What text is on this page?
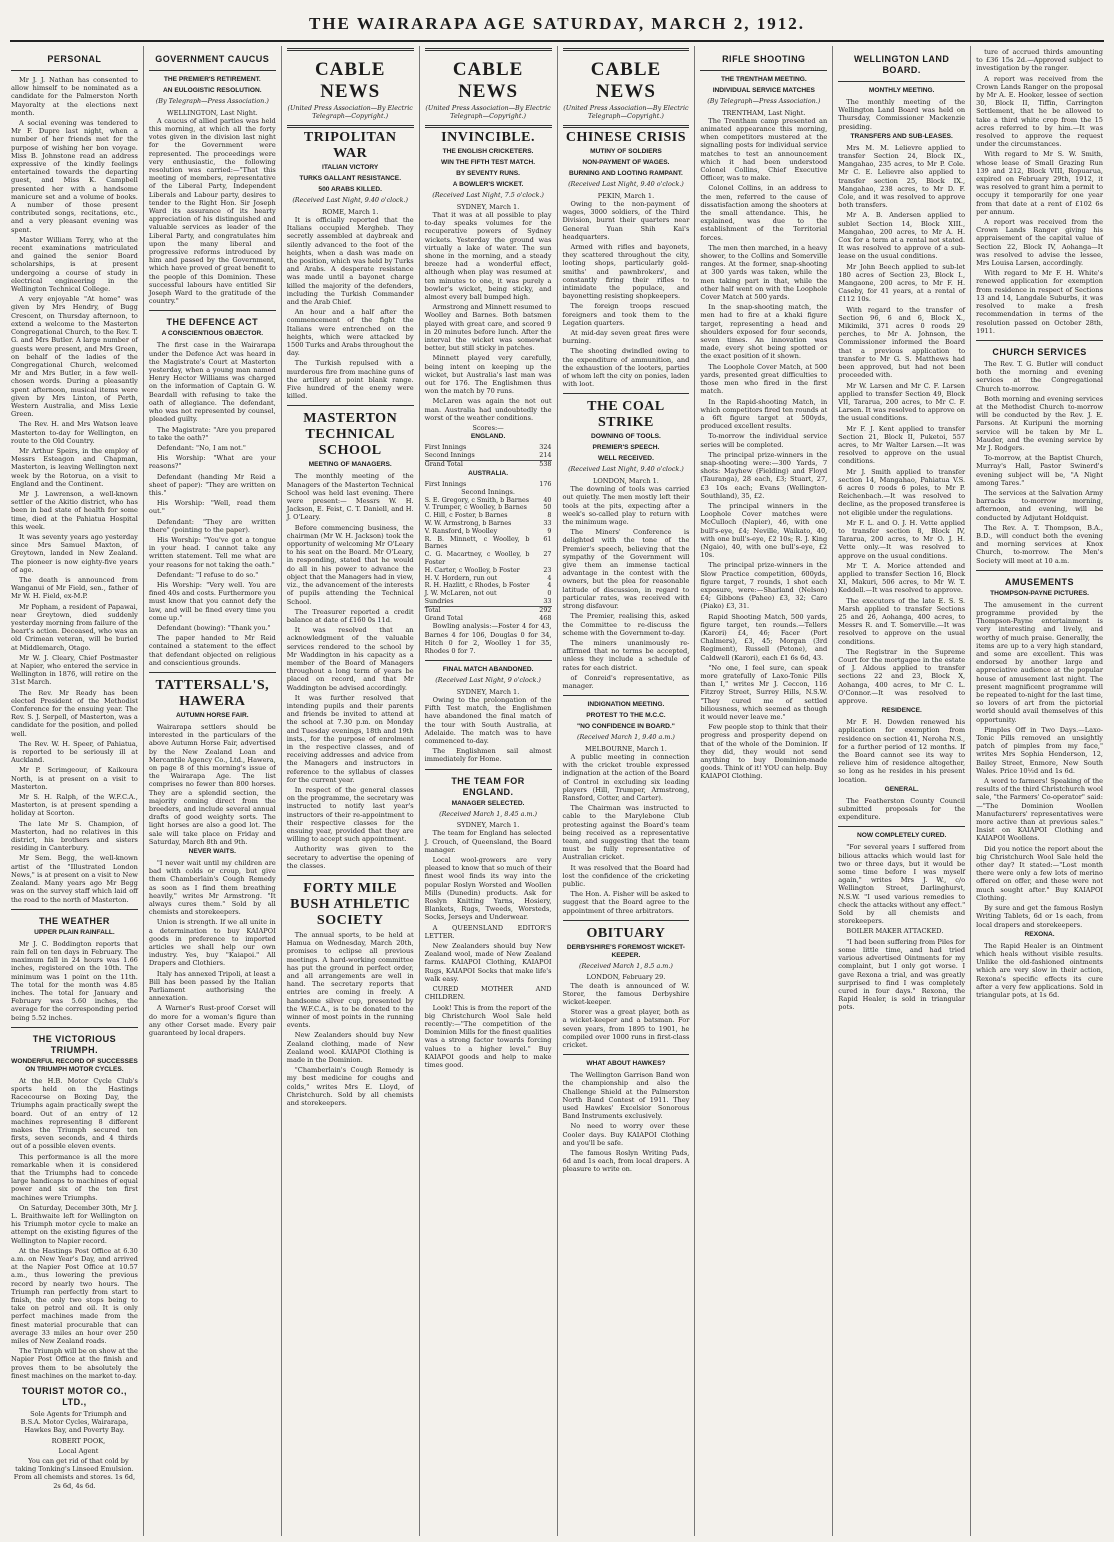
THE WAIRARAPA AGE SATURDAY, MARCH 2, 1912.
PERSONAL

Mr J. J. Nathan has consented to allow himself to be nominated as a candidate for the Palmerston North Mayoralty at the elections next month.

A social evening was tendered to Mr F. Dupre last night, when a number of her friends met for the purpose of wishing her bon voyage. Miss B. Johnstone read an address expressive of the kindly feelings entertained towards the departing guest, and Miss K. Campbell presented her with a handsome manicure set and a volume of books. A number of those present contributed songs, recitations, etc., and a very pleasant evening was spent.

Master William Terry, who at the recent examinations matriculated and gained the senior Board scholarships, is at present undergoing a course of study in electrical engineering in the Wellington Technical College.

A very enjoyable "At home" was given by Mrs Hendry, of Bugg Crescent, on Thursday afternoon, to extend a welcome to the Masterton Congregational Church, to the Rev. T. G. and Mrs Butler. A large number of guests were present, and Mrs Green, on behalf of the ladies of the Congregational Church, welcomed Mr and Mrs Butler, in a few well-chosen words. During a pleasantly spent afternoon, musical items were given by Mrs Linton, of Perth, Western Australia, and Miss Lexie Green.

The Rev. H. and Mrs Watson leave Masterton to-day for Wellington, en route to the Old Country.

Mr Arthur Speirs, in the employ of Messrs Esteagon and Chapman, Masterton, is leaving Wellington next week by the Rotorua, on a visit to England and the Continent.

Mr J. Lawrenson, a well-known settler of the Akitio district, who has been in bad state of health for some time, died at the Pahiatua Hospital this week.

It was seventy years ago yesterday since Mrs Samuel Maxton, of Greytown, landed in New Zealand. The pioneer is now eighty-five years of age.

The death is announced from Wanganui of Mr Field, sen., father of Mr W. H. Field, ex-M.P.

Mr Popham, a resident of Papawai, near Greytown, died suddenly yesterday morning from failure of the heart's action. Deceased, who was an old Crimean veteran, will be buried at Middlemarch, Otago.

Mr W. J. Cleary, Chief Postmaster at Napier, who entered the service in Wellington in 1876, will retire on the 31st March.

The Rev. Mr Ready has been elected President of the Methodist Conference for the ensuing year. The Rev. S. J. Serpell, of Masterton, was a candidate for the position, and polled well.

The Rev. W. H. Speer, of Pahiatua, is reported to be seriously ill at Auckland.

Mr P. Scrimgeour, of Kaikoura North, is at present on a visit to Masterton.

Mr S. H. Ralph, of the W.F.C.A., Masterton, is at present spending a holiday at Scorton.

The late Mr S. Champion, of Masterton, had no relatives in this district, his brothers and sisters residing in Canterbury.

Mr Sem. Begg, the well-known artist of the "Illustrated London News," is at present on a visit to New Zealand. Many years ago Mr Begg was on the survey staff which laid off the road to the north of Masterton.

THE WEATHER
UPPER PLAIN RAINFALL.

Mr J. C. Boddington reports that rain fell on ten days in February. The maximum fall in 24 hours was 1.66 inches, registered on the 10th. The minimum was 1 point on the 11th. The total for the month was 4.85 inches. The total for January and February was 5.60 inches, the average for the corresponding period being 5.52 inches.

THE VICTORIOUS TRIUMPH.
WONDERFUL RECORD OF SUCCESSES ON TRIUMPH MOTOR CYCLES.

At the H.B. Motor Cycle Club's sports held on the Hastings Racecourse on Boxing Day, the Triumphs again practically swept the board. Out of an entry of 12 machines representing 8 different makes the Triumph secured ten firsts, seven seconds, and 4 thirds out of a possible eleven events.

This performance is all the more remarkable when it is considered that the Triumphs had to concede large handicaps to machines of equal power and six of the ten first machines were Triumphs.

On Saturday, December 30th, Mr J. L. Braithwaite left for Wellington on his Triumph motor cycle to make an attempt on the existing figures of the Wellington to Napier record.

At the Hastings Post Office at 6.30 a.m. on New Year's Day, and arrived at the Napier Post Office at 10.57 a.m., thus lowering the previous record by nearly two hours. The Triumph ran perfectly from start to finish, the only two stops being to take on petrol and oil. It is only perfect machines made from the finest material procurable that can average 33 miles an hour over 250 miles of New Zealand roads.

The Triumph will be on show at the Napier Post Office at the finish and proves them to be absolutely the finest machines on the market to-day.

TOURIST MOTOR CO., LTD.,

Sole Agents for Triumph and B.S.A. Motor Cycles, Wairarapa, Hawkes Bay, and Poverty Bay.

ROBERT POOK,

Local Agent

You can get rid of that cold by taking Tonking's Linseed Emulsion. From all chemists and stores. 1s 6d, 2s 6d, 4s 6d.

GOVERNMENT CAUCUS
THE PREMIER'S RETIREMENT.
AN EULOGISTIC RESOLUTION.
(By Telegraph—Press Association.)
WELLINGTON, Last Night.

A caucus of allied parties was held this morning, at which all the forty votes given in the division last night for the Government were represented. The proceedings were very enthusiastic, the following resolution was carried:—"That this meeting of members, representative of the Liberal Party, Independent Liberals and Labour party, desires to tender to the Right Hon. Sir Joseph Ward its assurance of its hearty appreciation of his distinguished and valuable services as leader of the Liberal Party, and congratulates him upon the many liberal and progressive reforms introduced by him and passed by the Government, which have proved of great benefit to the people of this Dominion. These successful labours have entitled Sir Joseph Ward to the gratitude of the country."

THE DEFENCE ACT
A CONSCIENTIOUS OBJECTOR.

The first case in the Wairarapa under the Defence Act was heard in the Magistrate's Court at Masterton yesterday, when a young man named Henry Hector Williams was charged on the information of Captain G. W. Beardall with refusing to take the oath of allegiance. The defendant, who was not represented by counsel, pleaded guilty.

The Magistrate: "Are you prepared to take the oath?"

Defendant: "No, I am not."

His Worship: "What are your reasons?"

Defendant (handing Mr Reid a sheet of paper): "They are written on this."

His Worship: "Well, read them out."

Defendant: "They are written there" (pointing to the paper).

His Worship: "You've got a tongue in your head. I cannot take any written statement. Tell me what are your reasons for not taking the oath."

Defendant: "I refuse to do so."

His Worship: "Very well. You are fined 40s and costs. Furthermore you must know that you cannot defy the law, and will be fined every time you come up."

Defendant (bowing): "Thank you."

The paper handed to Mr Reid contained a statement to the effect that defendant objected on religious and conscientious grounds.

TATTERSALL'S, HAWERA
AUTUMN HORSE FAIR.

Wairarapa settlers should be interested in the particulars of the above Autumn Horse Fair, advertised by the New Zealand Loan and Mercantile Agency Co., Ltd., Hawera, on page 8 of this morning's issue of the Wairarapa Age. The list comprises no fewer than 800 horses. They are a splendid section, the majority coming direct from the breeders, and include several annual drafts of good weighty sorts. The light horses are also a good lot. The sale will take place on Friday and Saturday, March 8th and 9th.

NEVER WAITS.

"I never wait until my children are bad with colds or croup, but give them Chamberlain's Cough Remedy as soon as I find them breathing heavily," writes Mr Armstrong. "It always cures them." Sold by all chemists and storekeepers.

Union is strength. If we all unite in a determination to buy KAIAPOI goods in preference to imported articles we shall help our own industry. Yes, buy "Kaiapoi." All Drapers and Clothiers.

Italy has annexed Tripoli, at least a Bill has been passed by the Italian Parliament authorising the annexation.

A Warner's Rust-proof Corset will do more for a woman's figure than any other Corset made. Every pair guaranteed by local drapers.

CABLE NEWS
(United Press Association—By Electric Telegraph—Copyright.)
TRIPOLITAN WAR
ITALIAN VICTORY
TURKS GALLANT RESISTANCE.
500 ARABS KILLED.
(Received Last Night, 9.40 o'clock.)
ROME, March 1.

It is officially reported that the Italians occupied Mergheb. They secretly assembled at daybreak and silently advanced to the foot of the heights, when a dash was made on the position, which was held by Turks and Arabs. A desperate resistance was made until a bayonet charge killed the majority of the defenders, including the Turkish Commander and the Arab Chief.

An hour and a half after the commencement of the fight the Italians were entrenched on the heights, which were attacked by 1500 Turks and Arabs throughout the day.

The Turkish repulsed with a murderous fire from machine guns of the artillery at point blank range. Five hundred of the enemy were killed.

MASTERTON TECHNICAL SCHOOL
MEETING OF MANAGERS.

The monthly meeting of the Managers of the Masterton Technical School was held last evening. There were present:— Messrs W. H. Jackson, E. Feist, C. T. Daniell, and H. J. O'Leary.

Before commencing business, the chairman (Mr W. H. Jackson) took the opportunity of welcoming Mr O'Leary to his seat on the Board. Mr O'Leary, in responding, stated that he would do all in his power to advance the object that the Managers had in view, viz., the advancement of the interests of pupils attending the Technical School.

The Treasurer reported a credit balance at date of £160 0s 11d.

It was resolved that an acknowledgment of the valuable services rendered to the school by Mr Waddington in his capacity as a member of the Board of Managers throughout a long term of years be placed on record, and that Mr Waddington be advised accordingly.

It was further resolved that intending pupils and their parents and friends be invited to attend at the school at 7.30 p.m. on Monday and Tuesday evenings, 18th and 19th insts., for the purpose of enrolment in the respective classes, and of receiving addresses and advice from the Managers and instructors in reference to the syllabus of classes for the current year.

In respect of the general classes on the programme, the secretary was instructed to notify last year's instructors of their re-appointment to their respective classes for the ensuing year, provided that they are willing to accept such appointment.

Authority was given to the secretary to advertise the opening of the classes.

FORTY MILE BUSH ATHLETIC SOCIETY

The annual sports, to be held at Hamua on Wednesday, March 20th, promises to eclipse all previous meetings. A hard-working committee has put the ground in perfect order, and all arrangements are well in hand. The secretary reports that entries are coming in freely. A handsome silver cup, presented by the W.F.C.A., is to be donated to the winner of most points in the running events.

New Zealanders should buy New Zealand clothing, made of New Zealand wool. KAIAPOI Clothing is made in the Dominion.

"Chamberlain's Cough Remedy is my best medicine for coughs and colds," writes Mrs E. Lloyd, of Christchurch. Sold by all chemists and storekeepers.

CABLE NEWS
(United Press Association—By Electric Telegraph—Copyright.)
INVINCIBLE.
THE ENGLISH CRICKETERS.
WIN THE FIFTH TEST MATCH.
BY SEVENTY RUNS.
A BOWLER'S WICKET.
(Received Last Night, 7.5 o'clock.)
SYDNEY, March 1.

That it was at all possible to play to-day speaks volumes for the recuperative powers of Sydney wickets. Yesterday the ground was virtually a lake of water. The sun shone in the morning, and a steady breeze had a wonderful effect, although when play was resumed at ten minutes to one, it was purely a bowler's wicket, being sticky, and almost every ball bumped high.

Armstrong and Minnett resumed to Woolley and Barnes. Both batsmen played with great care, and scored 9 in 20 minutes before lunch. After the interval the wicket was somewhat better, but still sticky in patches.

Minnett played very carefully, being intent on keeping up the wicket, but Australia's last man was out for 176. The Englishmen thus won the match by 70 runs.

McLaren was again the not out man. Australia had undoubtedly the worst of the weather conditions.

Scores:—
ENGLAND.
First Innings	324
Second Innings	214
Grand Total	538
AUSTRALIA.
First Innings	176
Second Innings.
S. E. Gregory, c Smith, b Barnes	40
V. Trumper, c Woolley, b Barnes	50
C. Hill, c Foster, b Barnes	8
W. W. Armstrong, b Barnes	33
V. Ransford, b Woolley	9
R. B. Minnett, c Woolley, b Barnes	61
C. G. Macartney, c Woolley, b Foster	27
H. Carter, c Woolley, b Foster	23
H. V. Hordern, run out	4
R. H. Hazlitt, c Rhodes, b Foster	4
J. W. McLaren, not out	0
Sundries	33
Total	292
Grand Total	468

Bowling analysis:—Foster 4 for 43, Barnes 4 for 106, Douglas 0 for 34, Hitch 0 for 2, Woolley 1 for 35, Rhodes 0 for 7.

FINAL MATCH ABANDONED.
(Received Last Night, 9 o'clock.)
SYDNEY, March 1.

Owing to the prolongation of the Fifth Test match, the Englishmen have abandoned the final match of the tour with South Australia, at Adelaide. The match was to have commenced to-day.

The Englishmen sail almost immediately for Home.

THE TEAM FOR ENGLAND.
MANAGER SELECTED.
(Received March 1, 8.45 a.m.)
SYDNEY, March 1.

The team for England has selected J. Crouch, of Queensland, the Board manager.

Local wool-growers are very pleased to know that so much of their finest wool finds its way into the popular Roslyn Worsted and Woollen Mills (Dunedin) products. Ask for Roslyn Knitting Yarns, Hosiery, Blankets, Rugs, Tweeds, Worsteds, Socks, Jerseys and Underwear.

A QUEENSLAND EDITOR'S LETTER.

New Zealanders should buy New Zealand wool, made of New Zealand farms. KAIAPOI Clothing, KAIAPOI Rugs, KAIAPOI Socks that make life's walk easy.

CURED MOTHER AND CHILDREN.

Look! This is from the report of the big Christchurch Wool Sale held recently:—"The competition of the Dominion Mills for the finest qualities was a strong factor towards forcing values to a higher level." Buy KAIAPOI goods and help to make times good.

CABLE NEWS
(United Press Association—By Electric Telegraph—Copyright.)
CHINESE CRISIS
MUTINY OF SOLDIERS
NON-PAYMENT OF WAGES.
BURNING AND LOOTING RAMPANT.
(Received Last Night, 9.40 o'clock.)
PEKIN, March 1.

Owing to the non-payment of wages, 3000 soldiers, of the Third Division, burnt their quarters near General Yuan Shih Kai's headquarters.

Armed with rifles and bayonets, they scattered throughout the city, looting shops, particularly gold-smiths' and pawnbrokers', and constantly firing their rifles to intimidate the populace, and bayonetting resisting shopkeepers.

The foreign troops rescued foreigners and took them to the Legation quarters.

At mid-day seven great fires were burning.

The shooting dwindled owing to the expenditure of ammunition, and the exhaustion of the looters, parties of whom left the city on ponies, laden with loot.

THE COAL STRIKE
DOWNING OF TOOLS.
PREMIER'S SPEECH.
WELL RECEIVED.
(Received Last Night, 9.40 o'clock.)
LONDON, March 1.

The downing of tools was carried out quietly. The men mostly left their tools at the pits, expecting after a week's so-called play to return with the minimum wage.

The Miners' Conference is delighted with the tone of the Premier's speech, believing that the sympathy of the Government will give them an immense tactical advantage in the contest with the owners, but the plea for reasonable latitude of discussion, in regard to particular rates, was received with strong disfavour.

The Premier, realising this, asked the Committee to re-discuss the scheme with the Government to-day.

The miners unanimously re-affirmed that no terms be accepted, unless they include a schedule of rates for each district.

of Conreid's representative, as manager.

INDIGNATION MEETING.
PROTEST TO THE M.C.C.
"NO CONFIDENCE IN BOARD."
(Received March 1, 9.40 a.m.)
MELBOURNE, March 1.

A public meeting in connection with the cricket trouble expressed indignation at the action of the Board of Control in excluding six leading players (Hill, Trumper, Armstrong, Ransford, Cotter, and Carter).

The Chairman was instructed to cable to the Marylebone Club protesting against the Board's team being received as a representative team, and suggesting that the team must be fully representative of Australian cricket.

It was resolved that the Board had lost the confidence of the cricketing public.

The Hon. A. Fisher will be asked to suggest that the Board agree to the appointment of three arbitrators.

OBITUARY
DERBYSHIRE'S FOREMOST WICKET-KEEPER.
(Received March 1, 8.5 a.m.)
LONDON, February 29.

The death is announced of W. Storer, the famous Derbyshire wicket-keeper.

Storer was a great player, both as a wicket-keeper and a batsman. For seven years, from 1895 to 1901, he compiled over 1000 runs in first-class cricket.

WHAT ABOUT HAWKES?

The Wellington Garrison Band won the championship and also the Challenge Shield at the Palmerston North Band Contest of 1911. They used Hawkes' Excelsior Sonorous Band Instruments exclusively.

No need to worry over these Cooler days. Buy KAIAPOI Clothing and you'll be safe.

The famous Roslyn Writing Pads, 6d and 1s each, from local drapers. A pleasure to write on.

RIFLE SHOOTING
THE TRENTHAM MEETING.
INDIVIDUAL SERVICE MATCHES
(By Telegraph—Press Association.)
TRENTHAM, Last Night.

The Trentham camp presented an animated appearance this morning, when competitors mustered at the signalling posts for individual service matches to test an announcement which it had been understood Colonel Collins, Chief Executive Officer, was to make.

Colonel Collins, in an address to the men, referred to the cause of dissatisfaction among the shooters at the small attendance. This, he explained, was due to the establishment of the Territorial forces.

The men then marched, in a heavy shower, to the Collins and Somerville ranges. At the former, snap-shooting at 300 yards was taken, while the men taking part in that, while the other half went on with the Loophole Cover Match at 500 yards.

In the snap-shooting match, the men had to fire at a khaki figure target, representing a head and shoulders exposed for four seconds, seven times. An innovation was made, every shot being spotted or the exact position of it shown.

The Loophole Cover Match, at 500 yards, presented great difficulties to those men who fired in the first match.

In the Rapid-shooting Match, in which competitors fired ten rounds at a 6ft figure target at 500yds, produced excellent results.

To-morrow the individual service series will be completed.

The principal prize-winners in the snap-shooting were:—300 Yards, 7 shots: Mayhew (Fielding) and Floyd (Tauranga), 28 each, £3; Stuart, 27, £3 10s each; Evans (Wellington-Southland), 35, £2.

The principal winners in the Loophole Cover matches were McCulloch (Napier), 46, with one bull's-eye, £4; Neville, Waikato, 40, with one bull's-eye, £2 10s; R. J. King (Ngaio), 40, with one bull's-eye, £2 10s.

The principal prize-winners in the Slow Practice competition, 600yds, figure target, 7 rounds, 1 shot each exposure, were:—Sharland (Nelson) £4; Gibbons (Paheo) £3, 32; Caro (Piako) £3, 31.

Rapid Shooting Match, 500 yards, figure target, ten rounds.—Tellers (Karori) £4, 46; Facer (Port Chalmers), £3, 45; Morgan (3rd Regiment), Russell (Petone), and Caldwell (Karori), each £1 6s 6d, 43.

"No one, I feel sure, can speak more gratefully of Laxo-Tonic Pills than I," writes Mr J. Ceccon, 116 Fitzroy Street, Surrey Hills, N.S.W. "They cured me of settled biliousness, which seemed as though it would never leave me."

Few people stop to think that their progress and prosperity depend on that of the whole of the Dominion. If they did, they would not send anything to buy Dominion-made goods. Think of it! YOU can help. Buy KAIAPOI Clothing.

WELLINGTON LAND BOARD.
MONTHLY MEETING.

The monthly meeting of the Wellington Land Board was held on Thursday, Commissioner Mackenzie presiding.

TRANSFERS AND SUB-LEASES.

Mrs M. M. Lelievre applied to transfer Section 24, Block IX., Mangahao, 235 acres, to Mr P. Cole. Mr C. E. Lelievre also applied to transfer section 25, Block IX., Mangahao, 238 acres, to Mr D. F. Cole, and it was resolved to approve both transfers.

Mr A. B. Andersen applied to sublet Section 14, Block XIII., Mangahao, 200 acres, to Mr A. H. Cox for a term at a rental not stated. It was resolved to approve of a sub-lease on the usual conditions.

Mr John Beech applied to sub-let 180 acres of Section 23, Block I., Mangaone, 200 acres, to Mr F. H. Caseby, for 41 years, at a rental of £112 10s.

With regard to the transfer of Section 96, 6 and 6, Block X., Mikimiki, 371 acres 0 roods 29 perches, to Mr A. Johnson, the Commissioner informed the Board that a previous application to transfer to Mr G. S. Matthews had been approved, but had not been proceeded with.

Mr W. Larsen and Mr C. F. Larsen applied to transfer Section 49, Block VII, Tararua, 200 acres, to Mr C. F. Larsen. It was resolved to approve on the usual conditions.

Mr F. J. Kent applied to transfer Section 21, Block II, Puketoi, 557 acres, to Mr Walter Larsen.—It was resolved to approve on the usual conditions.

Mr J. Smith applied to transfer section 14, Mangahao, Pahiatua V.S. 6 acres 0 roods 6 poles, to Mr P. Reichenbach.—It was resolved to decline, as the proposed transferee is not eligible under the regulations.

Mr F. L. and O. J. H. Vette applied to transfer section 8, Block IV, Tararua, 200 acres, to Mr O. J. H. Vette only.—It was resolved to approve on the usual conditions.

Mr T. A. Morice attended and applied to transfer Section 16, Block XI, Makuri, 506 acres, to Mr W. T. Keddell.—It was resolved to approve.

The executors of the late E. S. S. Marsh applied to transfer Sections 25 and 26, Aohanga, 400 acres, to Messrs R. and T. Somerville.—It was resolved to approve on the usual conditions.

The Registrar in the Supreme Court for the mortgagee in the estate of J. Aldous applied to transfer sections 22 and 23, Block X, Aohanga, 400 acres, to Mr C. L. O'Connor.—It was resolved to approve.

RESIDENCE.

Mr F. H. Dowden renewed his application for exemption from residence on section 41, Neroha N.S., for a further period of 12 months. If the Board cannot see its way to relieve him of residence altogether, so long as he resides in his present location.

GENERAL.

The Featherston County Council submitted proposals for the expenditure.

NOW COMPLETELY CURED.

"For several years I suffered from bilious attacks which would last for two or three days, but it would be some time before I was myself again," writes Mrs J. W., c/o Wellington Street, Darlinghurst, N.S.W. "I used various remedies to check the attacks without any effect." Sold by all chemists and storekeepers.

BOILER MAKER ATTACKED.

"I had been suffering from Piles for some little time, and had tried various advertised Ointments for my complaint, but I only got worse. I gave Rexona a trial, and was greatly surprised to find I was completely cured in four days." Rexona, the Rapid Healer, is sold in triangular pots.

ture of accrued thirds amounting to £36 15s 2d.—Approved subject to investigation by the ranger.

A report was received from the Crown Lands Ranger on the proposal by Mr A. E. Hooker, lessee of section 30, Block II, Tiffin, Carrington Settlement, that he be allowed to take a third white crop from the 15 acres referred to by him.—It was resolved to approve the request under the circumstances.

With regard to Mr S. W. Smith, whose lease of Small Grazing Run 139 and 212, Block VIII, Ropuarua, expired on February 29th, 1912, it was resolved to grant him a permit to occupy it temporarily for one year from that date at a rent of £102 6s per annum.

A report was received from the Crown Lands Ranger giving his appraisement of the capital value of Section 22, Block IV, Aohanga—It was resolved to advise the lessee, Mrs Louisa Larsen, accordingly.

With regard to Mr F. H. White's renewed application for exemption from residence in respect of Sections 13 and 14, Langdale Suburbs, it was resolved to make a fresh recommendation in terms of the resolution passed on October 28th, 1911.

CHURCH SERVICES

The Rev. T. G. Butler will conduct both the morning and evening services at the Congregational Church to-morrow.

Both morning and evening services at the Methodist Church to-morrow will be conducted by the Rev. J. E. Parsons. At Kuripuni the morning service will be taken by Mr L. Mauder, and the evening service by Mr J. Rodgers.

To-morrow, at the Baptist Church, Murray's Hall, Pastor Swinerd's evening subject will be, "A Night among Tares."

The services at the Salvation Army barracks to-morrow morning, afternoon, and evening, will be conducted by Adjutant Holdquist.

The Rev. A. T. Thompson, B.A., B.D., will conduct both the evening and morning services at Knox Church, to-morrow. The Men's Society will meet at 10 a.m.

AMUSEMENTS
THOMPSON-PAYNE PICTURES.

The amusement in the current programme provided by the Thompson-Payne entertainment is very interesting and lively, and worthy of much praise. Generally, the items are up to a very high standard, and some are excellent. This was endorsed by another large and appreciative audience at the popular house of amusement last night. The present magnificent programme will be repeated to-night for the last time, so lovers of art from the pictorial world should avail themselves of this opportunity.

Pimples Off in Two Days.—Laxo-Tonic Pills removed an unsightly patch of pimples from my face," writes Mrs Sophia Henderson, 12, Bailey Street, Enmore, New South Wales. Price 10½d and 1s 6d.

A word to farmers! Speaking of the results of the third Christchurch wool sale, "the Farmers' Co-operator" said:—"The Dominion Woollen Manufacturers' representatives were more active than at previous sales." Insist on KAIAPOI Clothing and KAIAPOI Woollens.

Did you notice the report about the big Christchurch Wool Sale held the other day? It stated:—"Lost month there were only a few lots of merino offered on offer, and these were not much sought after." Buy KAIAPOI Clothing.

By sure and get the famous Roslyn Writing Tablets, 6d or 1s each, from local drapers and storekeepers.

REXONA.

The Rapid Healer is an Ointment which heals without visible results. Unlike the old-fashioned ointments which are very slow in their action, Rexona's specific effects its cure after a very few applications. Sold in triangular pots, at 1s 6d.
